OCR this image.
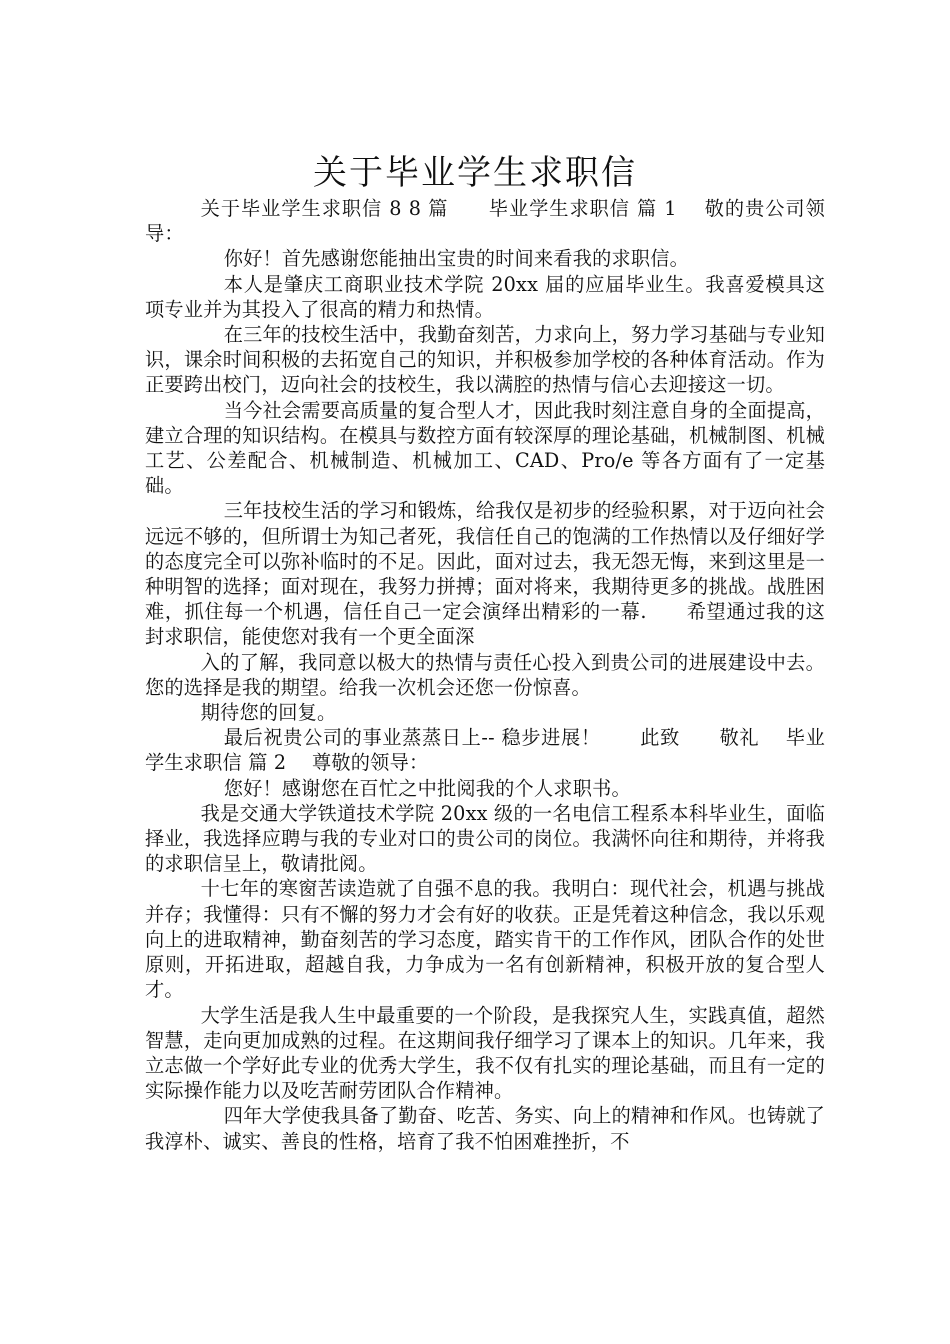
关于毕业学生求职信

关于毕业学生求职信 8 8 篇　　毕业学生求职信 篇 1　 敬的贵公司领导：

你好！首先感谢您能抽出宝贵的时间来看我的求职信。

本人是肇庆工商职业技术学院 20xx 届的应届毕业生。我喜爱模具这项专业并为其投入了很高的精力和热情。

在三年的技校生活中，我勤奋刻苦，力求向上，努力学习基础与专业知识，课余时间积极的去拓宽自己的知识，并积极参加学校的各种体育活动。作为正要跨出校门，迈向社会的技校生，我以满腔的热情与信心去迎接这一切。

当今社会需要高质量的复合型人才，因此我时刻注意自身的全面提高，建立合理的知识结构。在模具与数控方面有较深厚的理论基础，机械制图、机械工艺、公差配合、机械制造、机械加工、CAD、Pro/e 等各方面有了一定基础。

三年技校生活的学习和锻炼，给我仅是初步的经验积累，对于迈向社会远远不够的，但所谓士为知己者死，我信任自己的饱满的工作热情以及仔细好学的态度完全可以弥补临时的不足。因此，面对过去，我无怨无悔，来到这里是一种明智的选择；面对现在，我努力拼搏；面对将来，我期待更多的挑战。战胜困难，抓住每一个机遇，信任自己一定会演绎出精彩的一幕.　　希望通过我的这封求职信，能使您对我有一个更全面深

入的了解，我同意以极大的热情与责任心投入到贵公司的进展建设中去。您的选择是我的期望。给我一次机会还您一份惊喜。

期待您的回复。

最后祝贵公司的事业蒸蒸日上-- 稳步进展！　　此致　　敬礼　 毕业学生求职信 篇 2　 尊敬的领导：

您好！感谢您在百忙之中批阅我的个人求职书。

我是交通大学铁道技术学院 20xx 级的一名电信工程系本科毕业生，面临择业，我选择应聘与我的专业对口的贵公司的岗位。我满怀向往和期待，并将我的求职信呈上，敬请批阅。

十七年的寒窗苦读造就了自强不息的我。我明白：现代社会，机遇与挑战并存；我懂得：只有不懈的努力才会有好的收获。正是凭着这种信念，我以乐观向上的进取精神，勤奋刻苦的学习态度，踏实肯干的工作作风，团队合作的处世原则，开拓进取，超越自我，力争成为一名有创新精神，积极开放的复合型人才。

大学生活是我人生中最重要的一个阶段，是我探究人生，实践真值，超然智慧，走向更加成熟的过程。在这期间我仔细学习了课本上的知识。几年来，我立志做一个学好此专业的优秀大学生，我不仅有扎实的理论基础，而且有一定的实际操作能力以及吃苦耐劳团队合作精神。

四年大学使我具备了勤奋、吃苦、务实、向上的精神和作风。也铸就了我淳朴、诚实、善良的性格，培育了我不怕困难挫折，不
